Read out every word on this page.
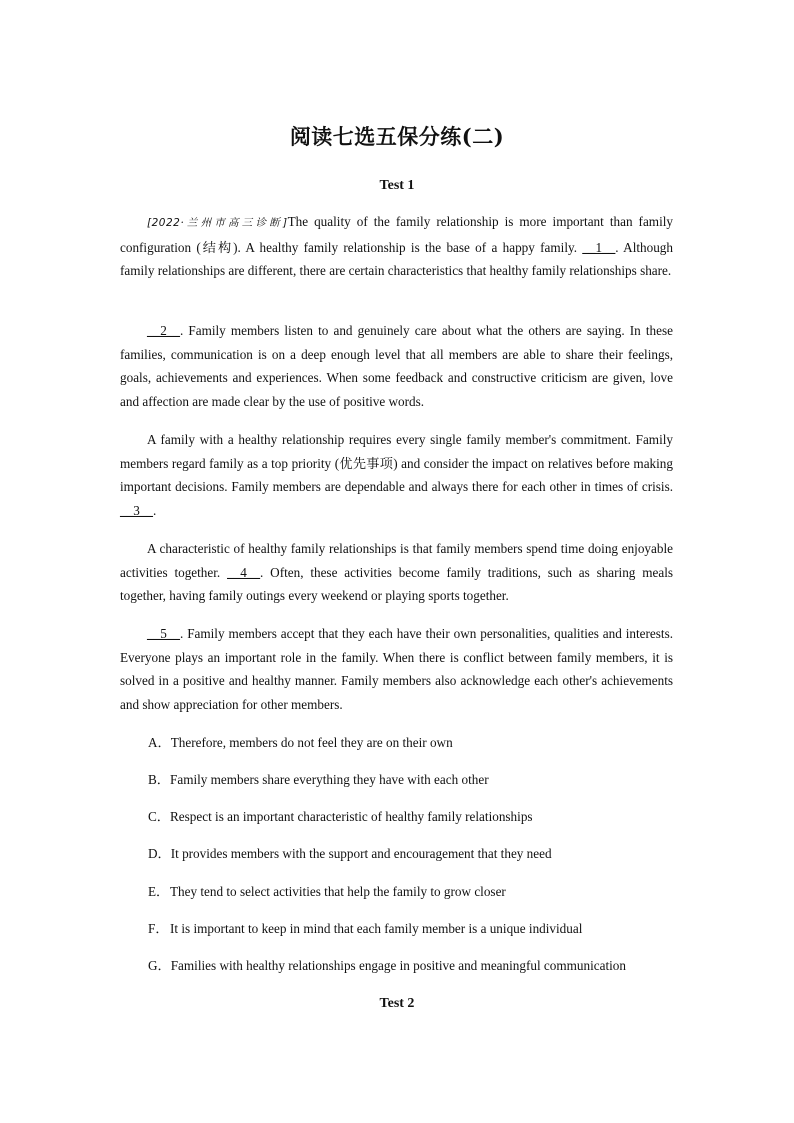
阅读七选五保分练(二)
Test 1
[2022·兰州市高三诊断]The quality of the family relationship is more important than family configuration (结构). A healthy family relationship is the base of a happy family. __1__. Although family relationships are different, there are certain characteristics that healthy family relationships share.
__2__. Family members listen to and genuinely care about what the others are saying. In these families, communication is on a deep enough level that all members are able to share their feelings, goals, achievements and experiences. When some feedback and constructive criticism are given, love and affection are made clear by the use of positive words.
A family with a healthy relationship requires every single family member's commitment. Family members regard family as a top priority (优先事项) and consider the impact on relatives before making important decisions. Family members are dependable and always there for each other in times of crisis. __3__.
A characteristic of healthy family relationships is that family members spend time doing enjoyable activities together. __4__. Often, these activities become family traditions, such as sharing meals together, having family outings every weekend or playing sports together.
__5__. Family members accept that they each have their own personalities, qualities and interests. Everyone plays an important role in the family. When there is conflict between family members, it is solved in a positive and healthy manner. Family members also acknowledge each other's achievements and show appreciation for other members.
A．Therefore, members do not feel they are on their own
B．Family members share everything they have with each other
C．Respect is an important characteristic of healthy family relationships
D．It provides members with the support and encouragement that they need
E．They tend to select activities that help the family to grow closer
F．It is important to keep in mind that each family member is a unique individual
G．Families with healthy relationships engage in positive and meaningful communication
Test 2
